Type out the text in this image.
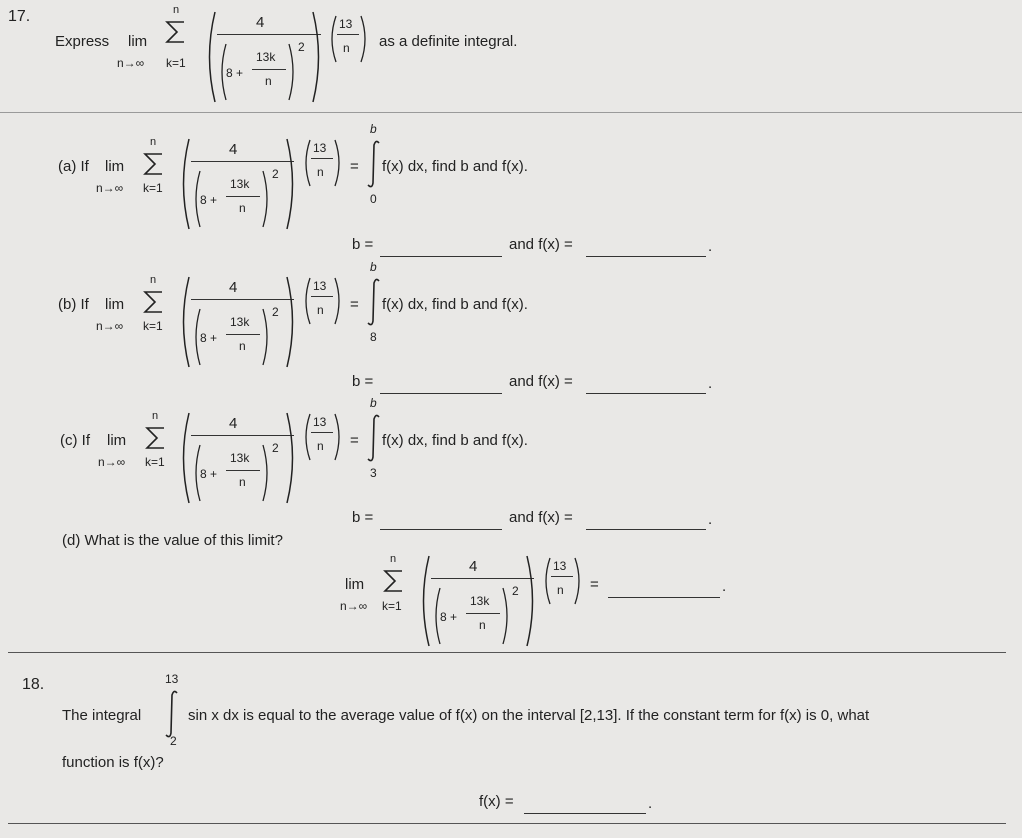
17.
Express lim
n→∞
n
k=1
4
8 +
13k
n
2
13
n as a definite integral.
(a) If lim
n→∞
n
k=1
4
8 +
13k
n
2
13
n =
b
0
f(x) dx, find b and f(x).
b =	and f(x) =	.
(b) If lim
n→∞
n
k=1
4
8 +
13k
n
2
13
n =
b
8
f(x) dx, find b and f(x).
b =	and f(x) =	.
(c) If lim
n→∞
n
k=1
4
8 +
13k
n
2
13
n =
b
3
f(x) dx, find b and f(x).
b =	and f(x) =	.
(d) What is the value of this limit?
lim
n→∞
n
k=1
4
8 +
13k
n
2
13
n =	.
18.	13
The integral
2
sin x dx is equal to the average value of f(x) on the interval [2,13]. If the constant term for f(x) is 0, what
function is f(x)?
f(x) =	.
